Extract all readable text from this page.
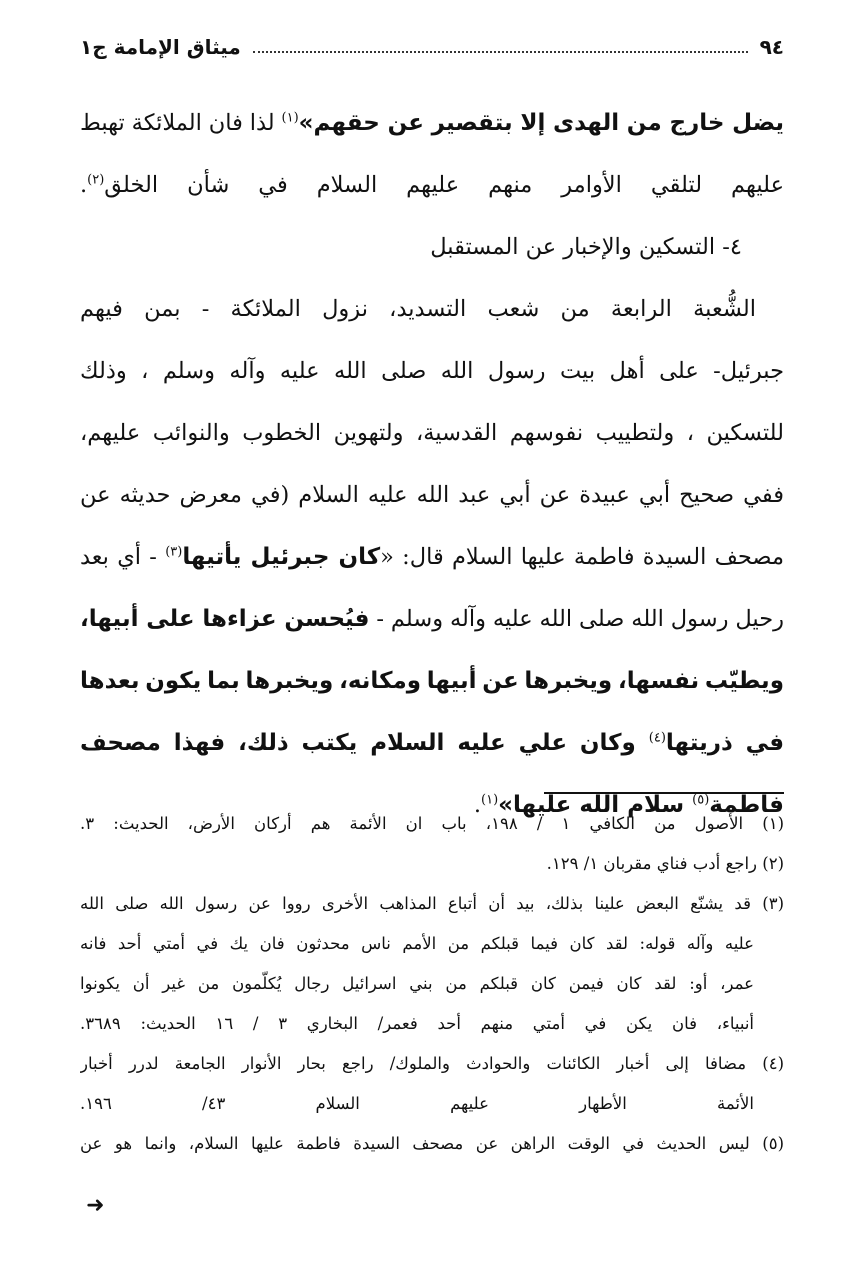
٩٤
ميثاق الإمامة ج١
يضل خارج من الهدى إلا بتقصير عن حقهم»$^{(١)}$ لذا فان الملائكة تهبط
عليهم لتلقي الأوامر منهم عليهم السلام في شأن الخلق$^{(٢)}$.
٤- التسكين والإخبار عن المستقبل
الشُّعبة الرابعة من شعب التسديد، نزول الملائكة - بمن فيهم
جبرئيل- على أهل بيت رسول الله صلى الله عليه وآله وسلم ، وذلك
للتسكين ، ولتطييب نفوسهم القدسية، ولتهوين الخطوب والنوائب عليهم،
ففي صحيح أبي عبيدة عن أبي عبد الله عليه السلام (في معرض حديثه عن
مصحف السيدة فاطمة عليها السلام قال: «كان جبرئيل يأتيها$^{(٣)}$ - أي بعد
رحيل رسول الله صلى الله عليه وآله وسلم - فيُحسن عزاءها على أبيها،
ويطيّب نفسها، ويخبرها عن أبيها ومكانه، ويخبرها بما يكون بعدها
في ذريتها$^{(٤)}$ وكان علي عليه السلام يكتب ذلك، فهذا مصحف
فاطمة$^{(٥)}$ سلام الله عليها»$^{(١)}$.
(١) الأصول من الكافي ١ / ١٩٨، باب ان الأئمة هم أركان الأرض، الحديث: ٣.
(٢) راجع أدب فناي مقربان ١/ ١٢٩.
(٣) قد يشنّع البعض علينا بذلك، بيد أن أتباع المذاهب الأخرى رووا عن رسول الله صلى الله
عليه وآله قوله: لقد كان فيما قبلكم من الأمم ناس محدثون فان يك في أمتي أحد فانه
عمر، أو: لقد كان فيمن كان قبلكم من بني اسرائيل رجال يُكلّمون من غير أن يكونوا
أنبياء، فان يكن في أمتي منهم أحد فعمر/ البخاري ٣ / ١٦ الحديث: ٣٦٨٩.
(٤) مضافا إلى أخبار الكائنات والحوادث والملوك/ راجع بحار الأنوار الجامعة لدرر أخبار
الأئمة الأطهار عليهم السلام ٤٣/ ١٩٦.
(٥) ليس الحديث في الوقت الراهن عن مصحف السيدة فاطمة عليها السلام، وانما هو عن
➜
